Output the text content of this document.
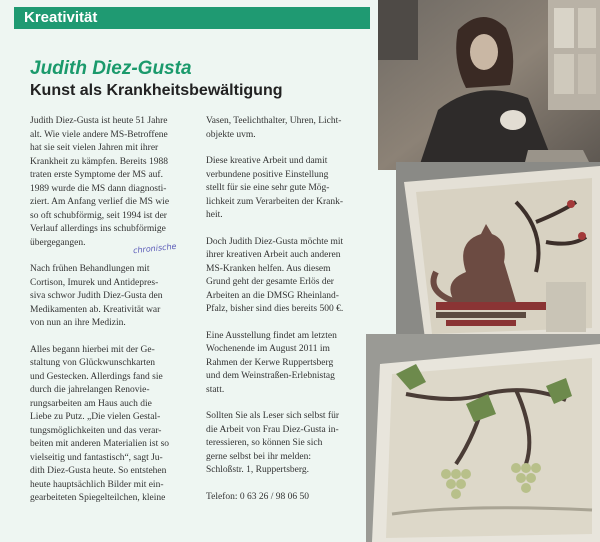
Kreativität
Judith Diez-Gusta
Kunst als Krankheitsbewältigung

Judith Diez-Gusta ist heute 51 Jahre
alt. Wie viele andere MS-Betroffene
hat sie seit vielen Jahren mit ihrer
Krankheit zu kämpfen. Bereits 1988
traten erste Symptome der MS auf.
1989 wurde die MS dann diagnosti-
ziert. Am Anfang verlief die MS wie
so oft schubförmig, seit 1994 ist der
Verlauf allerdings ins schubförmige
übergegangen.

Nach frühen Behandlungen mit
Cortison, Imurek und Antidepres-
siva schwor Judith Diez-Gusta den
Medikamenten ab. Kreativität war
von nun an ihre Medizin.

Alles begann hierbei mit der Ge-
staltung von Glückwunschkarten
und Gestecken. Allerdings fand sie
durch die jahrelangen Renovie-
rungsarbeiten am Haus auch die
Liebe zu Putz. „Die vielen Gestal-
tungsmöglichkeiten und das verar-
beiten mit anderen Materialien ist so
vielseitig und fantastisch“, sagt Ju-
dith Diez-Gusta heute. So entstehen
heute hauptsächlich Bilder mit ein-
gearbeiteten Spiegelteilchen, kleine

Vasen, Teelichthalter, Uhren, Licht-
objekte uvm.

Diese kreative Arbeit und damit
verbundene positive Einstellung
stellt für sie eine sehr gute Mög-
lichkeit zum Verarbeiten der Krank-
heit.

Doch Judith Diez-Gusta möchte mit
ihrer kreativen Arbeit auch anderen
MS-Kranken helfen. Aus diesem
Grund geht der gesamte Erlös der
Arbeiten an die DMSG Rheinland-
Pfalz, bisher sind dies bereits 500 €.

Eine Ausstellung findet am letzten
Wochenende im August 2011 im
Rahmen der Kerwe Ruppertsberg
und dem Weinstraßen-Erlebnistag
statt.

Sollten Sie als Leser sich selbst für
die Arbeit von Frau Diez-Gusta in-
teressieren, so können Sie sich
gerne selbst bei ihr melden:
Schloßstr. 1, Ruppertsberg.

Telefon: 0 63 26 / 98 06 50

chronische
